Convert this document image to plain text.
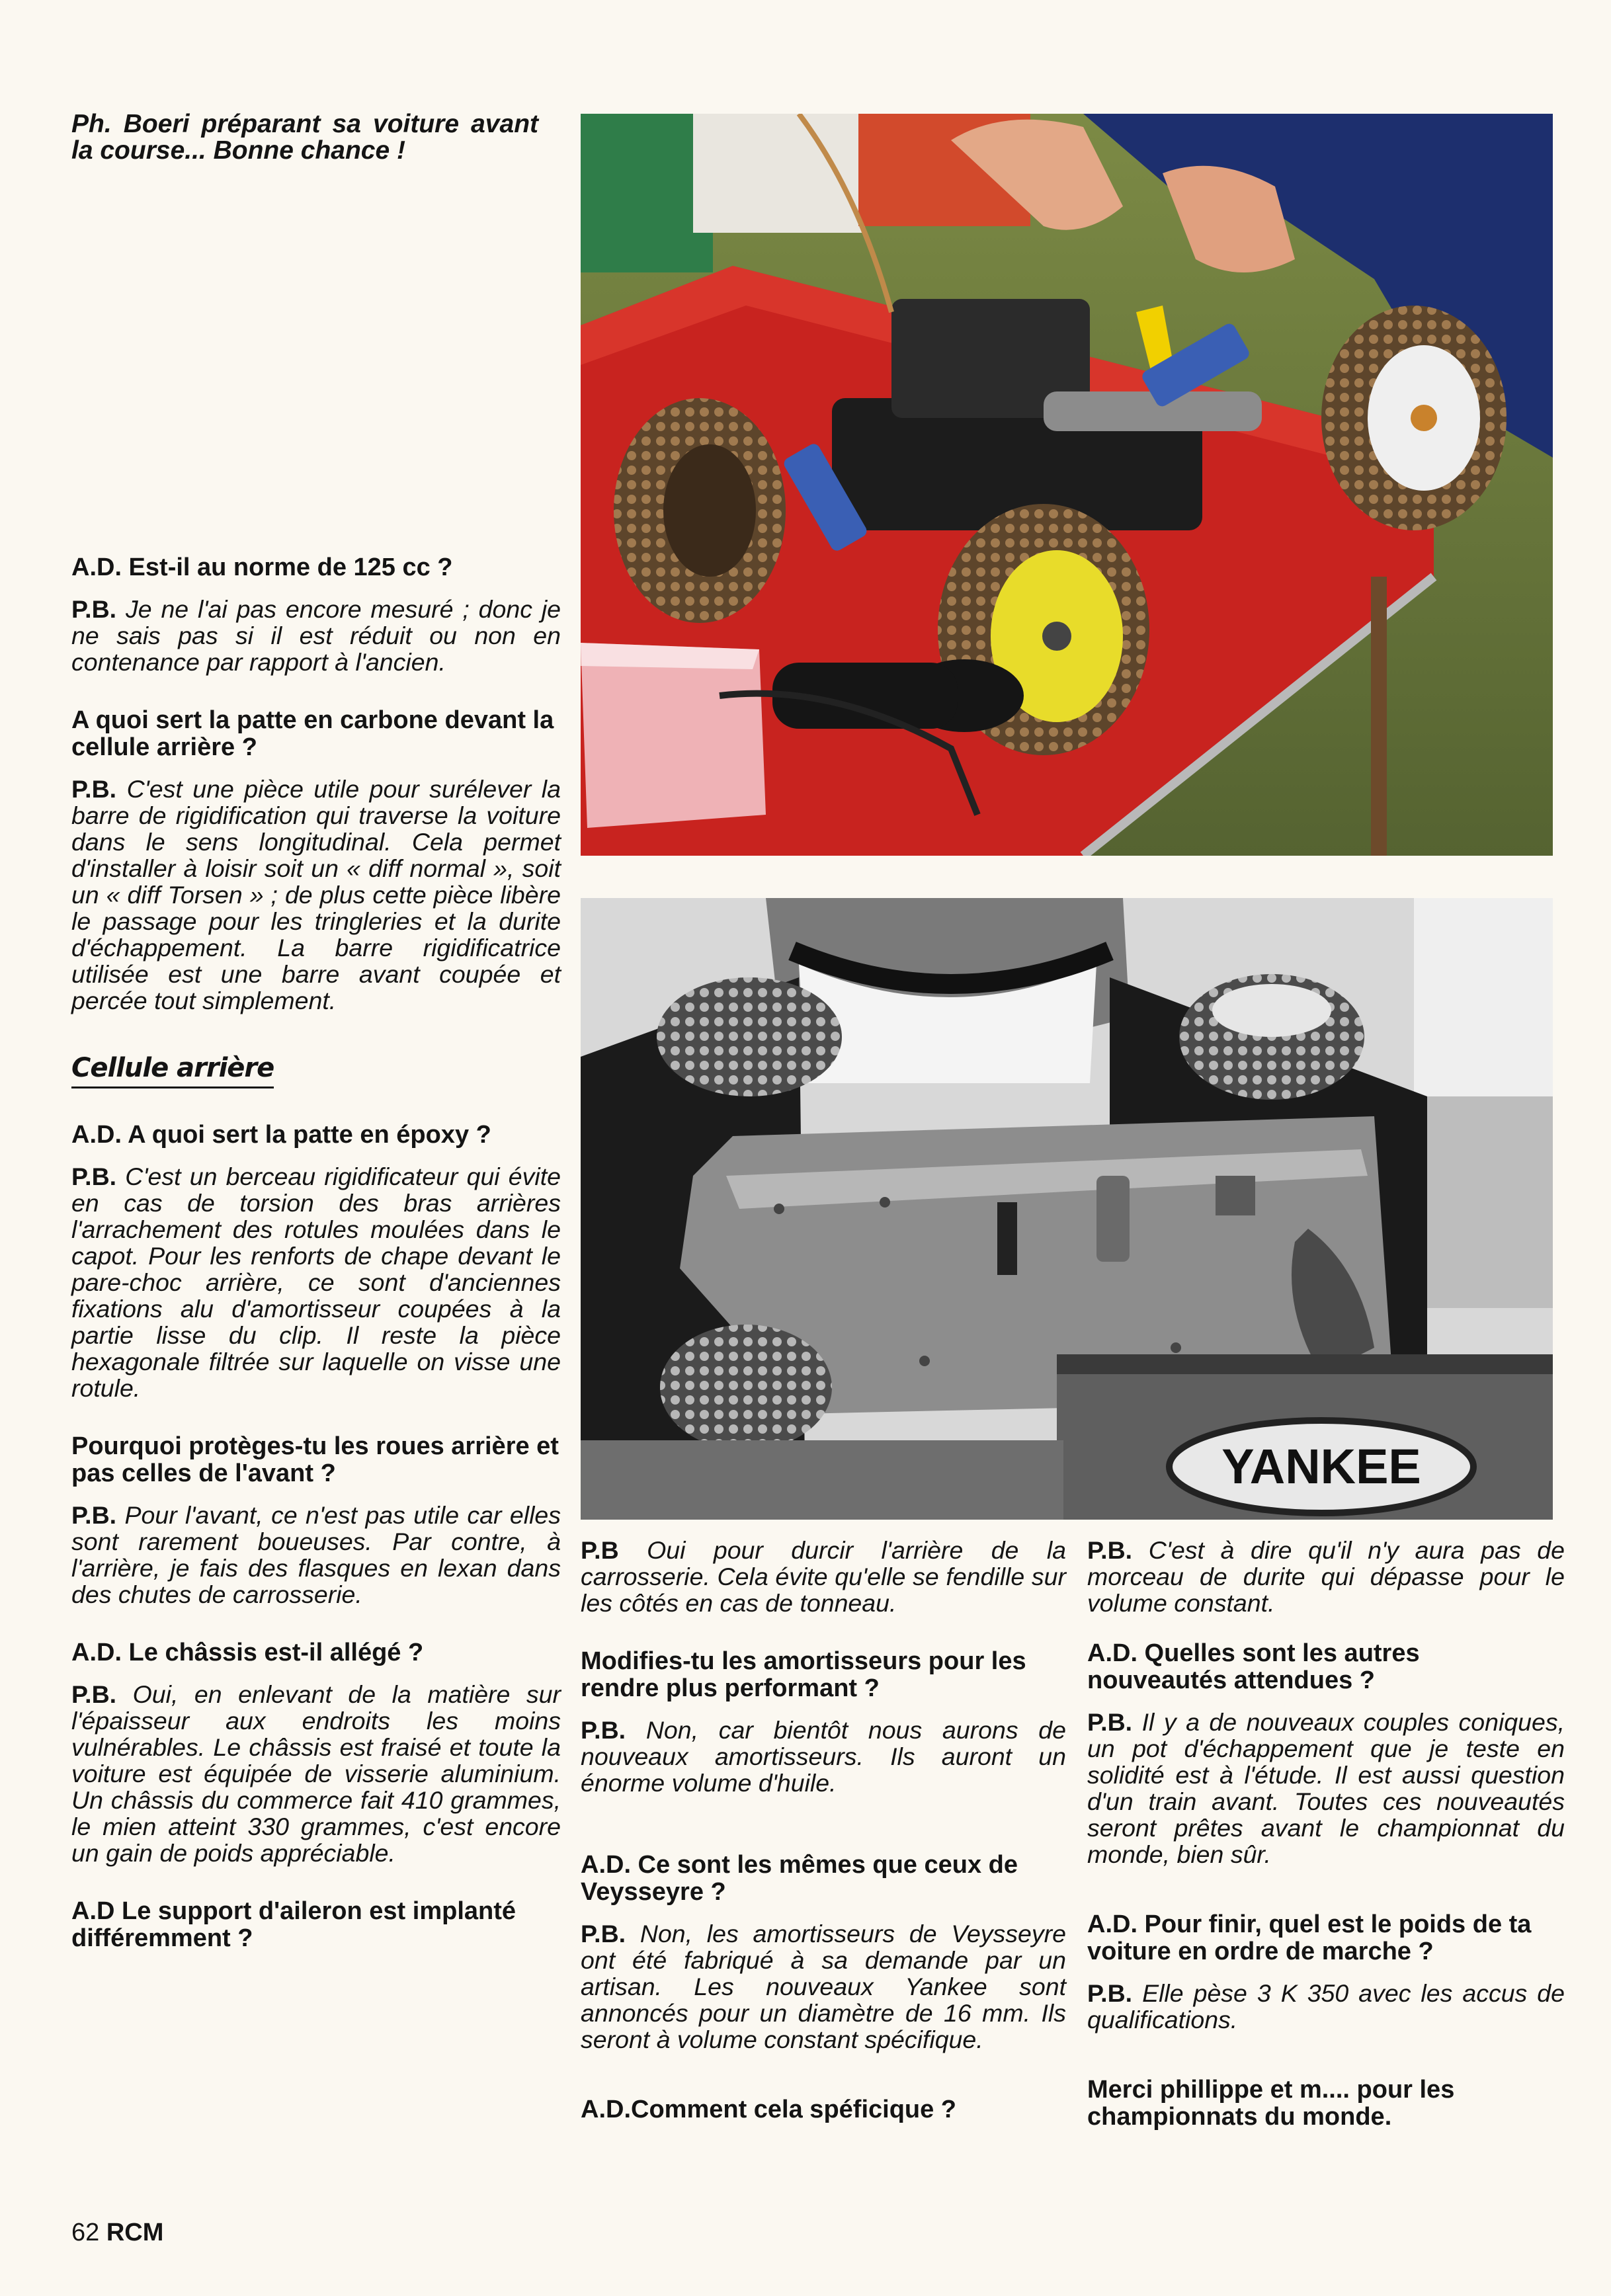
Ph. Boeri préparant sa voiture avant la course... Bonne chance !

YANKEE

A.D. Est-il au norme de 125 cc ?

P.B. Je ne l'ai pas encore mesuré ; donc je ne sais pas si il est réduit ou non en contenance par rapport à l'ancien.

A quoi sert la patte en carbone devant la cellule arrière ?

P.B. C'est une pièce utile pour surélever la barre de rigidification qui traverse la voiture dans le sens longitudinal. Cela permet d'installer à loisir soit un « diff normal », soit un « diff Torsen » ; de plus cette pièce libère le passage pour les tringleries et la durite d'échappement. La barre rigidificatrice utilisée est une barre avant coupée et percée tout simplement.

Cellule arrière

A.D. A quoi sert la patte en époxy ?

P.B. C'est un berceau rigidificateur qui évite en cas de torsion des bras arrières l'arrachement des rotules moulées dans le capot. Pour les renforts de chape devant le pare-choc arrière, ce sont d'anciennes fixations alu d'amortisseur coupées à la partie lisse du clip. Il reste la pièce hexagonale filtrée sur laquelle on visse une rotule.

Pourquoi protèges-tu les roues arrière et pas celles de l'avant ?

P.B. Pour l'avant, ce n'est pas utile car elles sont rarement boueuses. Par contre, à l'arrière, je fais des flasques en lexan dans des chutes de carrosserie.

A.D. Le châssis est-il allégé ?

P.B. Oui, en enlevant de la matière sur l'épaisseur aux endroits les moins vulnérables. Le châssis est fraisé et toute la voiture est équipée de visserie aluminium. Un châssis du commerce fait 410 grammes, le mien atteint 330 grammes, c'est encore un gain de poids appréciable.

A.D Le support d'aileron est implanté différemment ?

P.B Oui pour durcir l'arrière de la carrosserie. Cela évite qu'elle se fendille sur les côtés en cas de tonneau.

Modifies-tu les amortisseurs pour les rendre plus performant ?

P.B. Non, car bientôt nous aurons de nouveaux amortisseurs. Ils auront un énorme volume d'huile.

A.D. Ce sont les mêmes que ceux de Veysseyre ?

P.B. Non, les amortisseurs de Veysseyre ont été fabriqué à sa demande par un artisan. Les nouveaux Yankee sont annoncés pour un diamètre de 16 mm. Ils seront à volume constant spécifique.

A.D.Comment cela spéficique ?

P.B. C'est à dire qu'il n'y aura pas de morceau de durite qui dépasse pour le volume constant.

A.D. Quelles sont les autres nouveautés attendues ?

P.B. Il y a de nouveaux couples coniques, un pot d'échappement que je teste en solidité est à l'étude. Il est aussi question d'un train avant. Toutes ces nouveautés seront prêtes avant le championnat du monde, bien sûr.

A.D. Pour finir, quel est le poids de ta voiture en ordre de marche ?

P.B. Elle pèse 3 K 350 avec les accus de qualifications.

Merci phillippe et m.... pour les championnats du monde.

62 RCM
